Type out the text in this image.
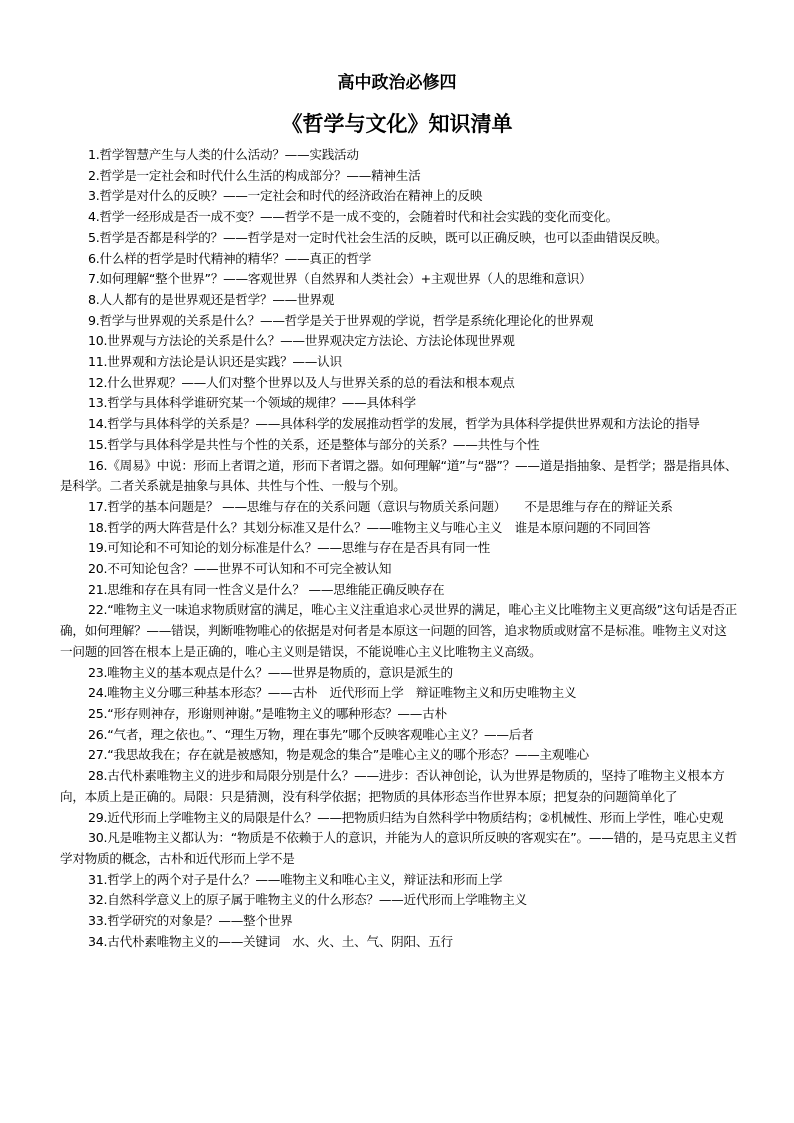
高中政治必修四
《哲学与文化》知识清单
1.哲学智慧产生与人类的什么活动？——实践活动
2.哲学是一定社会和时代什么生活的构成部分？——精神生活
3.哲学是对什么的反映？——一定社会和时代的经济政治在精神上的反映
4.哲学一经形成是否一成不变？——哲学不是一成不变的，会随着时代和社会实践的变化而变化。
5.哲学是否都是科学的？——哲学是对一定时代社会生活的反映，既可以正确反映，也可以歪曲错误反映。
6.什么样的哲学是时代精神的精华？——真正的哲学
7.如何理解“整个世界”？——客观世界（自然界和人类社会）+主观世界（人的思维和意识）
8.人人都有的是世界观还是哲学？——世界观
9.哲学与世界观的关系是什么？——哲学是关于世界观的学说，哲学是系统化理论化的世界观
10.世界观与方法论的关系是什么？——世界观决定方法论、方法论体现世界观
11.世界观和方法论是认识还是实践？——认识
12.什么世界观？——人们对整个世界以及人与世界关系的总的看法和根本观点
13.哲学与具体科学谁研究某一个领域的规律？——具体科学
14.哲学与具体科学的关系是？——具体科学的发展推动哲学的发展，哲学为具体科学提供世界观和方法论的指导
15.哲学与具体科学是共性与个性的关系，还是整体与部分的关系？——共性与个性
16.《周易》中说：形而上者谓之道，形而下者谓之器。如何理解“道”与“器”？——道是指抽象、是哲学；器是指具体、是科学。二者关系就是抽象与具体、共性与个性、一般与个别。
17.哲学的基本问题是？ ——思维与存在的关系问题（意识与物质关系问题）　　不是思维与存在的辩证关系
18.哲学的两大阵营是什么？其划分标准又是什么？——唯物主义与唯心主义　谁是本原问题的不同回答
19.可知论和不可知论的划分标准是什么？——思维与存在是否具有同一性
20.不可知论包含？——世界不可认知和不可完全被认知
21.思维和存在具有同一性含义是什么？ ——思维能正确反映存在
22.“唯物主义一味追求物质财富的满足，唯心主义注重追求心灵世界的满足，唯心主义比唯物主义更高级”这句话是否正确，如何理解？——错误，判断唯物唯心的依据是对何者是本原这一问题的回答，追求物质或财富不是标准。唯物主义对这一问题的回答在根本上是正确的，唯心主义则是错误，不能说唯心主义比唯物主义高级。
23.唯物主义的基本观点是什么？——世界是物质的，意识是派生的
24.唯物主义分哪三种基本形态？——古朴　近代形而上学　辩证唯物主义和历史唯物主义
25.“形存则神存，形谢则神谢。”是唯物主义的哪种形态？——古朴
26.“气者，理之依也。”、“理生万物，理在事先”哪个反映客观唯心主义？——后者
27.“我思故我在；存在就是被感知，物是观念的集合”是唯心主义的哪个形态？——主观唯心
28.古代朴素唯物主义的进步和局限分别是什么？——进步：否认神创论，认为世界是物质的，坚持了唯物主义根本方向，本质上是正确的。局限：只是猜测，没有科学依据；把物质的具体形态当作世界本原；把复杂的问题简单化了
29.近代形而上学唯物主义的局限是什么？——把物质归结为自然科学中物质结构；②机械性、形而上学性，唯心史观
30.凡是唯物主义都认为：“物质是不依赖于人的意识，并能为人的意识所反映的客观实在”。——错的，是马克思主义哲学对物质的概念，古朴和近代形而上学不是
31.哲学上的两个对子是什么？——唯物主义和唯心主义，辩证法和形而上学
32.自然科学意义上的原子属于唯物主义的什么形态？——近代形而上学唯物主义
33.哲学研究的对象是？——整个世界
34.古代朴素唯物主义的——关键词　水、火、土、气、阴阳、五行
